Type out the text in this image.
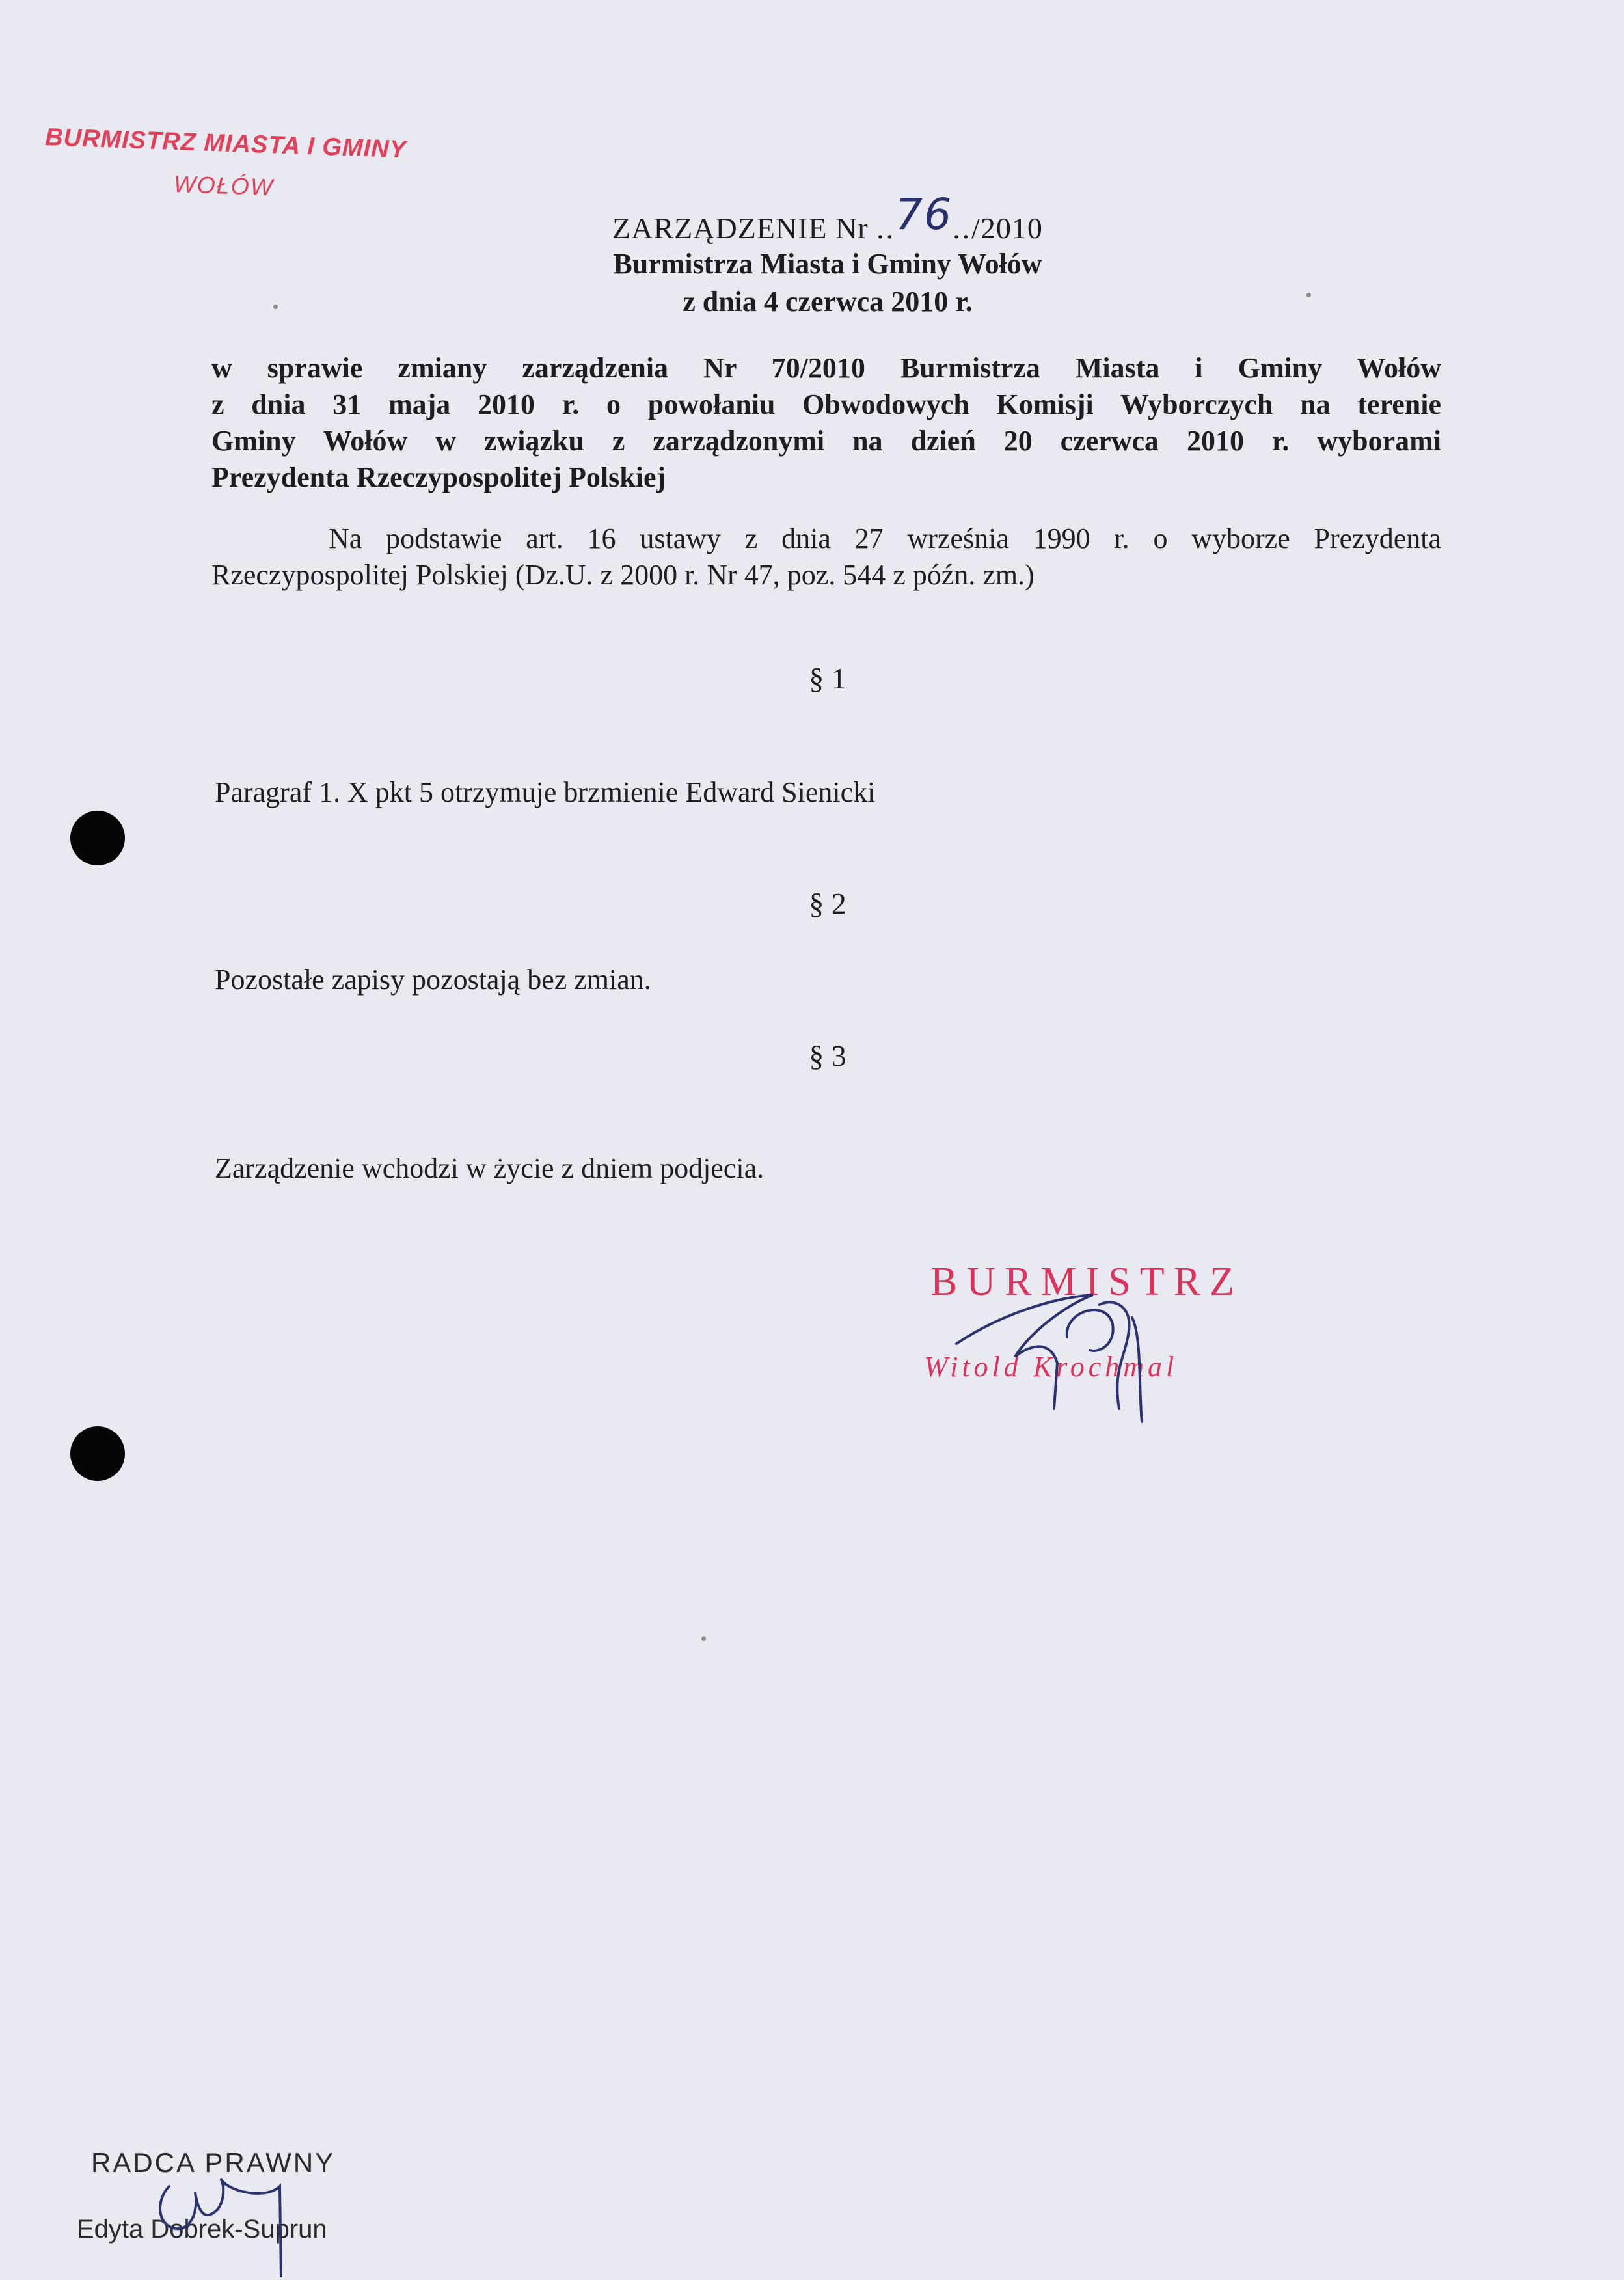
BURMISTRZ MIASTA I GMINY
WOŁÓW
ZARZĄDZENIE Nr ..76../2010
Burmistrza Miasta i Gminy Wołów
z dnia 4 czerwca 2010 r.
w sprawie zmiany zarządzenia Nr 70/2010 Burmistrza Miasta i Gminy Wołów
z dnia 31 maja 2010 r. o powołaniu Obwodowych Komisji Wyborczych na terenie
Gminy Wołów w związku z zarządzonymi na dzień 20 czerwca 2010 r. wyborami
Prezydenta Rzeczypospolitej Polskiej
Na podstawie art. 16 ustawy z dnia 27 września 1990 r. o wyborze Prezydenta
Rzeczypospolitej Polskiej (Dz.U. z 2000 r. Nr 47, poz. 544 z późn. zm.)
§ 1
Paragraf 1. X pkt 5 otrzymuje brzmienie Edward Sienicki
§ 2
Pozostałe zapisy pozostają bez zmian.
§ 3
Zarządzenie wchodzi w życie z dniem podjecia.
BURMISTRZ
Witold Krochmal
RADCA PRAWNY
Edyta Dobrek-Suprun
